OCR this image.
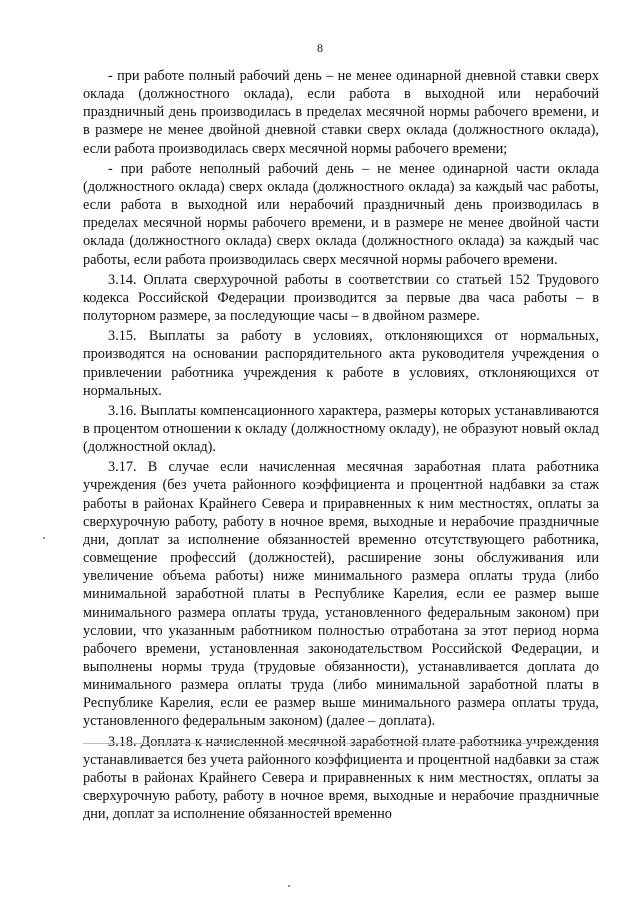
8

- при работе полный рабочий день – не менее одинарной дневной ставки сверх оклада (должностного оклада), если работа в выходной или нерабочий праздничный день производилась в пределах месячной нормы рабочего времени, и в размере не менее двойной дневной ставки сверх оклада (должностного оклада), если работа производилась сверх месячной нормы рабочего времени;

- при работе неполный рабочий день – не менее одинарной части оклада (должностного оклада) сверх оклада (должностного оклада) за каждый час работы, если работа в выходной или нерабочий праздничный день производилась в пределах месячной нормы рабочего времени, и в размере не менее двойной части оклада (должностного оклада) сверх оклада (должностного оклада) за каждый час работы, если работа производилась сверх месячной нормы рабочего времени.

3.14. Оплата сверхурочной работы в соответствии со статьей 152 Трудового кодекса Российской Федерации производится за первые два часа работы – в полуторном размере, за последующие часы – в двойном размере.

3.15. Выплаты за работу в условиях, отклоняющихся от нормальных, производятся на основании распорядительного акта руководителя учреждения о привлечении работника учреждения к работе в условиях, отклоняющихся от нормальных.

3.16. Выплаты компенсационного характера, размеры которых устанавливаются в процентом отношении к окладу (должностному окладу), не образуют новый оклад (должностной оклад).

3.17. В случае если начисленная месячная заработная плата работника учреждения (без учета районного коэффициента и процентной надбавки за стаж работы в районах Крайнего Севера и приравненных к ним местностях, оплаты за сверхурочную работу, работу в ночное время, выходные и нерабочие праздничные дни, доплат за исполнение обязанностей временно отсутствующего работника, совмещение профессий (должностей), расширение зоны обслуживания или увеличение объема работы) ниже минимального размера оплаты труда (либо минимальной заработной платы в Республике Карелия, если ее размер выше минимального размера оплаты труда, установленного федеральным законом) при условии, что указанным работником полностью отработана за этот период норма рабочего времени, установленная законодательством Российской Федерации, и выполнены нормы труда (трудовые обязанности), устанавливается доплата до минимального размера оплаты труда (либо минимальной заработной платы в Республике Карелия, если ее размер выше минимального размера оплаты труда, установленного федеральным законом) (далее – доплата).

3.18. Доплата к начисленной месячной заработной плате работника учреждения устанавливается без учета районного коэффициента и процентной надбавки за стаж работы в районах Крайнего Севера и приравненных к ним местностях, оплаты за сверхурочную работу, работу в ночное время, выходные и нерабочие праздничные дни, доплат за исполнение обязанностей временно
